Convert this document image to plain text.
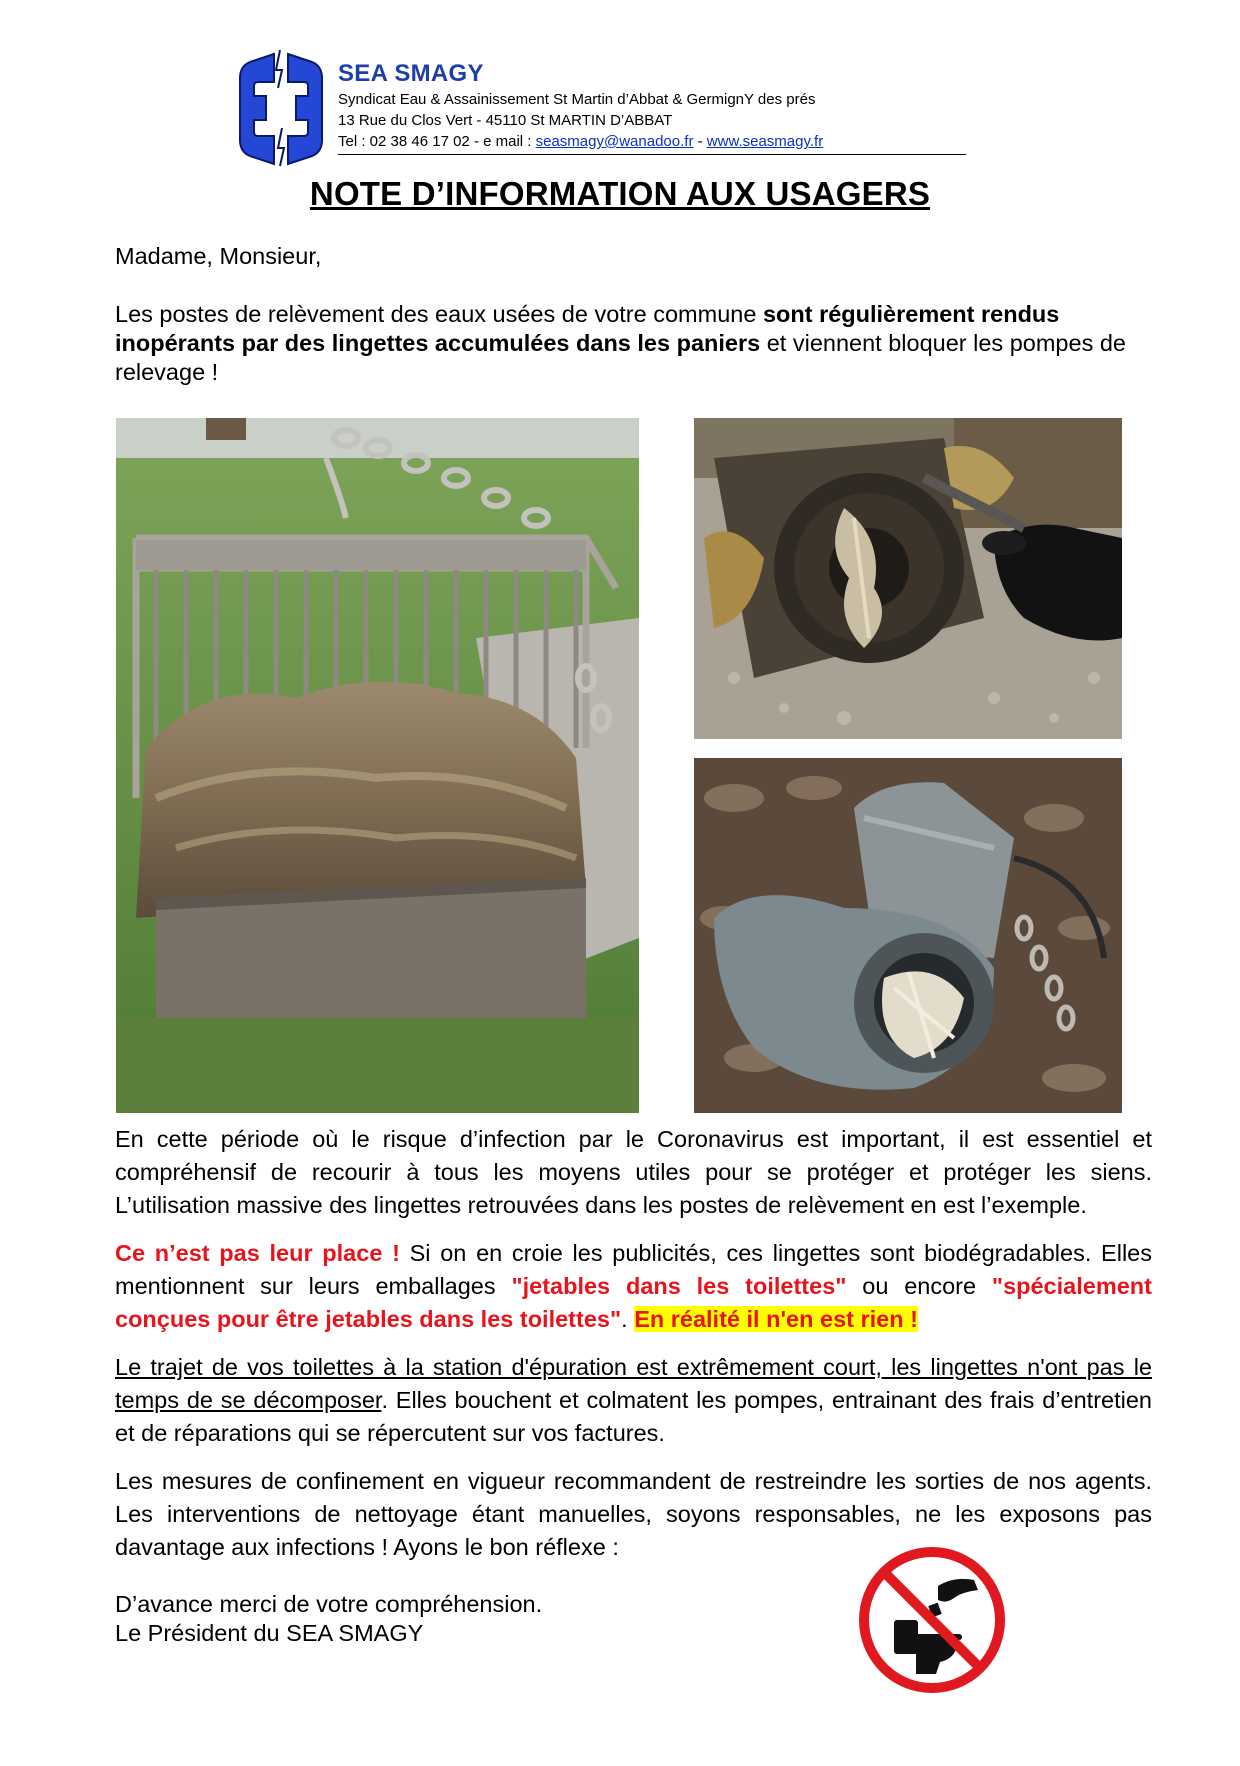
SEA SMAGY
Syndicat Eau & Assainissement St Martin d’Abbat & GermignY des prés
13 Rue du Clos Vert - 45110 St MARTIN D’ABBAT
Tel : 02 38 46 17 02 - e mail : seasmagy@wanadoo.fr - www.seasmagy.fr
NOTE D’INFORMATION AUX USAGERS
Madame, Monsieur,
Les postes de relèvement des eaux usées de votre commune sont régulièrement rendus inopérants par des lingettes accumulées dans les paniers et viennent bloquer les pompes de relevage !
En cette période où le risque d’infection par le Coronavirus est important, il est essentiel et compréhensif de recourir à tous les moyens utiles pour se protéger et protéger les siens. L’utilisation massive des lingettes retrouvées dans les postes de relèvement en est l’exemple.
Ce n’est pas leur place ! Si on en croie les publicités, ces lingettes sont biodégradables. Elles mentionnent sur leurs emballages "jetables dans les toilettes" ou encore "spécialement conçues pour être jetables dans les toilettes". En réalité il n'en est rien !
Le trajet de vos toilettes à la station d'épuration est extrêmement court, les lingettes n'ont pas le temps de se décomposer. Elles bouchent et colmatent les pompes, entrainant des frais d’entretien et de réparations qui se répercutent sur vos factures.
Les mesures de confinement en vigueur recommandent de restreindre les sorties de nos agents. Les interventions de nettoyage étant manuelles, soyons responsables, ne les exposons pas davantage aux infections ! Ayons le bon réflexe :
D’avance merci de votre compréhension.
Le Président du SEA SMAGY
